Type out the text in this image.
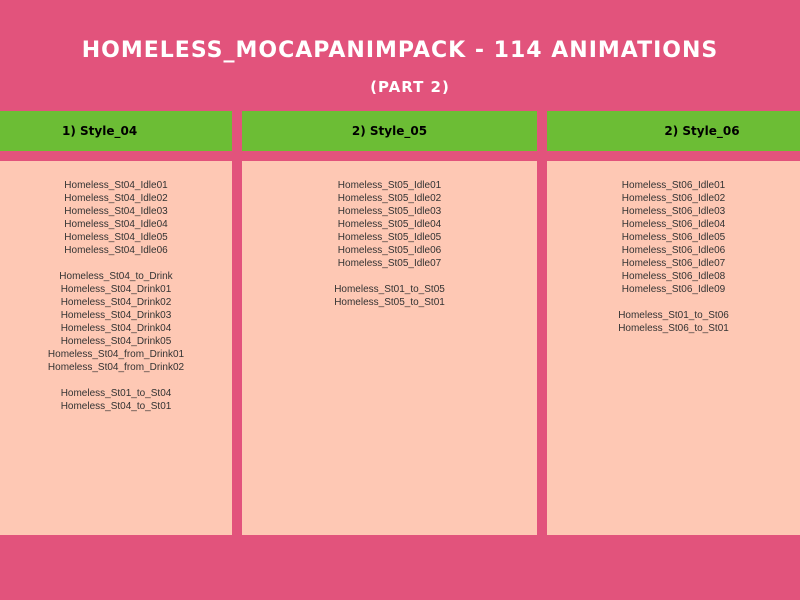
HOMELESS_MOCAPANIMPACK - 114 ANIMATIONS
(PART 2)
1) Style_04	2) Style_05	2) Style_06
Homeless_St04_Idle01
Homeless_St04_Idle02
Homeless_St04_Idle03
Homeless_St04_Idle04
Homeless_St04_Idle05
Homeless_St04_Idle06
Homeless_St04_to_Drink
Homeless_St04_Drink01
Homeless_St04_Drink02
Homeless_St04_Drink03
Homeless_St04_Drink04
Homeless_St04_Drink05
Homeless_St04_from_Drink01
Homeless_St04_from_Drink02
Homeless_St01_to_St04
Homeless_St04_to_St01
Homeless_St05_Idle01
Homeless_St05_Idle02
Homeless_St05_Idle03
Homeless_St05_Idle04
Homeless_St05_Idle05
Homeless_St05_Idle06
Homeless_St05_Idle07
Homeless_St01_to_St05
Homeless_St05_to_St01
Homeless_St06_Idle01
Homeless_St06_Idle02
Homeless_St06_Idle03
Homeless_St06_Idle04
Homeless_St06_Idle05
Homeless_St06_Idle06
Homeless_St06_Idle07
Homeless_St06_Idle08
Homeless_St06_Idle09
Homeless_St01_to_St06
Homeless_St06_to_St01
